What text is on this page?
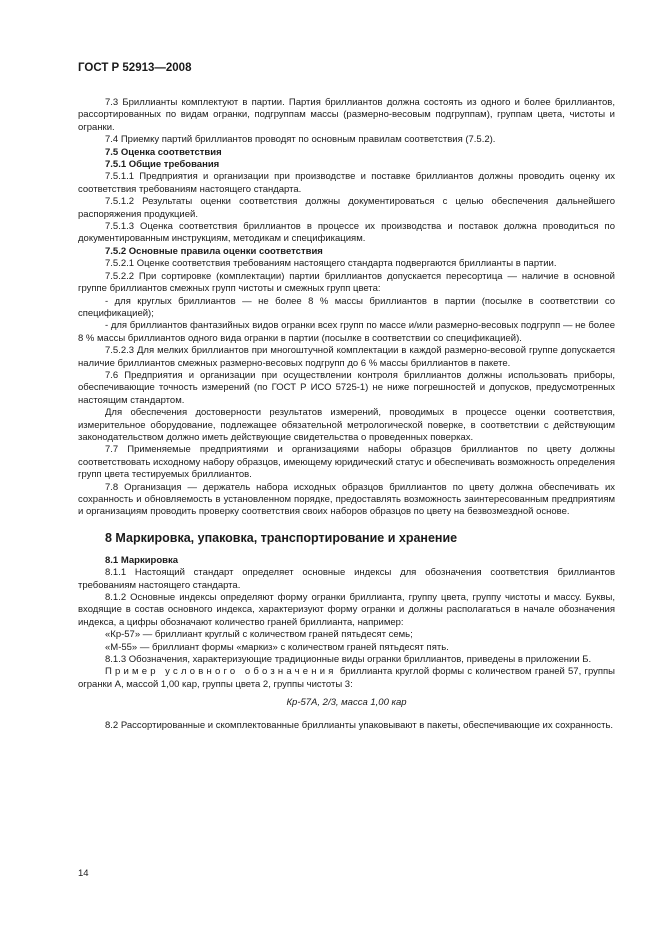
ГОСТ Р 52913—2008

7.3 Бриллианты комплектуют в партии. Партия бриллиантов должна состоять из одного и более бриллиантов, рассортированных по видам огранки, подгруппам массы (размерно-весовым подгруппам), группам цвета, чистоты и огранки.

7.4 Приемку партий бриллиантов проводят по основным правилам соответствия (7.5.2).

7.5 Оценка соответствия

7.5.1 Общие требования

7.5.1.1 Предприятия и организации при производстве и поставке бриллиантов должны проводить оценку их соответствия требованиям настоящего стандарта.

7.5.1.2 Результаты оценки соответствия должны документироваться с целью обеспечения дальнейшего распоряжения продукцией.

7.5.1.3 Оценка соответствия бриллиантов в процессе их производства и поставок должна проводиться по документированным инструкциям, методикам и спецификациям.

7.5.2 Основные правила оценки соответствия

7.5.2.1 Оценке соответствия требованиям настоящего стандарта подвергаются бриллианты в партии.

7.5.2.2 При сортировке (комплектации) партии бриллиантов допускается пересортица — наличие в основной группе бриллиантов смежных групп чистоты и смежных групп цвета:

- для круглых бриллиантов — не более 8 % массы бриллиантов в партии (посылке в соответствии со спецификацией);

- для бриллиантов фантазийных видов огранки всех групп по массе и/или размерно-весовых подгрупп — не более 8 % массы бриллиантов одного вида огранки в партии (посылке в соответствии со спецификацией).

7.5.2.3 Для мелких бриллиантов при многоштучной комплектации в каждой размерно-весовой группе допускается наличие бриллиантов смежных размерно-весовых подгрупп до 6 % массы бриллиантов в пакете.

7.6 Предприятия и организации при осуществлении контроля бриллиантов должны использовать приборы, обеспечивающие точность измерений (по ГОСТ Р ИСО 5725-1) не ниже погрешностей и допусков, предусмотренных настоящим стандартом.

Для обеспечения достоверности результатов измерений, проводимых в процессе оценки соответствия, измерительное оборудование, подлежащее обязательной метрологической поверке, в соответствии с действующим законодательством должно иметь действующие свидетельства о проведенных поверках.

7.7 Применяемые предприятиями и организациями наборы образцов бриллиантов по цвету должны соответствовать исходному набору образцов, имеющему юридический статус и обеспечивать возможность определения групп цвета тестируемых бриллиантов.

7.8 Организация — держатель набора исходных образцов бриллиантов по цвету должна обеспечивать их сохранность и обновляемость в установленном порядке, предоставлять возможность заинтересованным предприятиям и организациям проводить проверку соответствия своих наборов образцов по цвету на безвозмездной основе.

8 Маркировка, упаковка, транспортирование и хранение

8.1 Маркировка

8.1.1 Настоящий стандарт определяет основные индексы для обозначения соответствия бриллиантов требованиям настоящего стандарта.

8.1.2 Основные индексы определяют форму огранки бриллианта, группу цвета, группу чистоты и массу. Буквы, входящие в состав основного индекса, характеризуют форму огранки и должны располагаться в начале обозначения индекса, а цифры обозначают количество граней бриллианта, например:

«Кр-57» — бриллиант круглый с количеством граней пятьдесят семь;

«М-55» — бриллиант формы «маркиз» с количеством граней пятьдесят пять.

8.1.3 Обозначения, характеризующие традиционные виды огранки бриллиантов, приведены в приложении Б.

Пример условного обозначения бриллианта круглой формы с количеством граней 57, группы огранки А, массой 1,00 кар, группы цвета 2, группы чистоты 3:

Кр-57А, 2/3, масса 1,00 кар

8.2 Рассортированные и скомплектованные бриллианты упаковывают в пакеты, обеспечивающие их сохранность.

14
